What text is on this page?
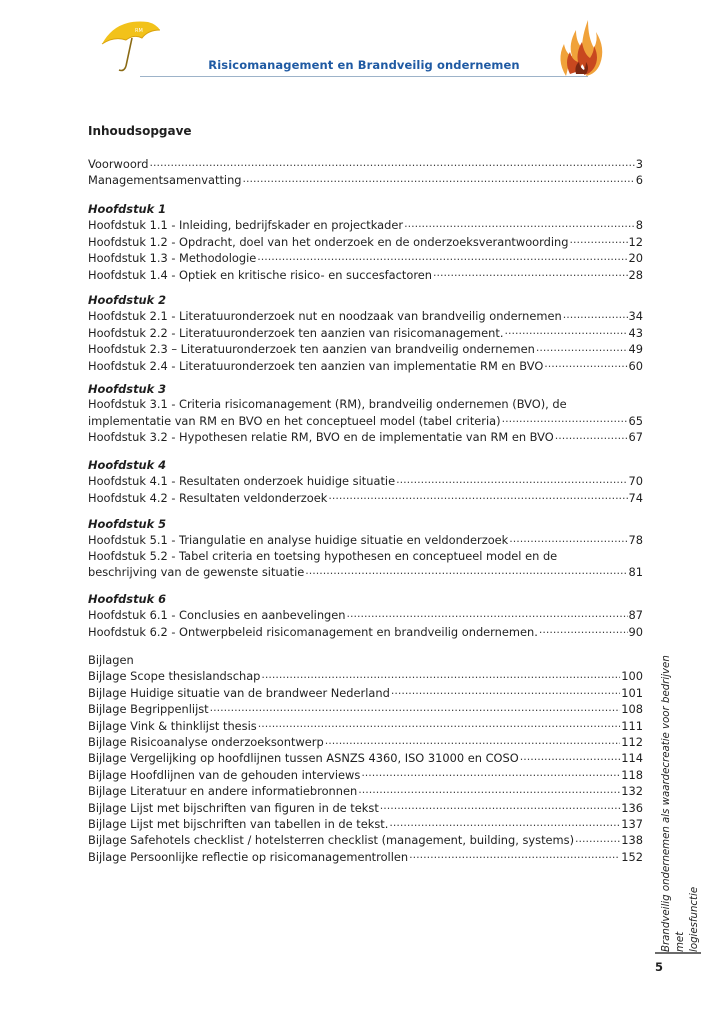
RM
Risicomanagement en Brandveilig ondernemen
Inhoudsopgave
Voorwoord .....	3
Managementsamenvatting .....	6
Hoofdstuk 1
Hoofdstuk 1.1 - Inleiding, bedrijfskader en projectkader .....	8
Hoofdstuk 1.2 - Opdracht, doel van het onderzoek en de onderzoeksverantwoording .....	12
Hoofdstuk 1.3 - Methodologie .....	20
Hoofdstuk 1.4 - Optiek en kritische risico- en succesfactoren .....	28
Hoofdstuk 2
Hoofdstuk 2.1 - Literatuuronderzoek nut en noodzaak van brandveilig ondernemen .....	34
Hoofdstuk 2.2 - Literatuuronderzoek ten aanzien van risicomanagement. .....	43
Hoofdstuk 2.3 – Literatuuronderzoek ten aanzien van brandveilig ondernemen .....	49
Hoofdstuk 2.4 - Literatuuronderzoek ten aanzien van implementatie RM en BVO .....	60
Hoofdstuk 3
Hoofdstuk 3.1 - Criteria risicomanagement (RM), brandveilig ondernemen (BVO), de
implementatie van RM en BVO en het conceptueel model (tabel criteria) .....	65
Hoofdstuk 3.2 - Hypothesen relatie RM, BVO en de implementatie van RM en BVO .....	67
Hoofdstuk 4
Hoofdstuk 4.1 - Resultaten onderzoek huidige situatie .....	70
Hoofdstuk 4.2 - Resultaten veldonderzoek .....	74
Hoofdstuk 5
Hoofdstuk 5.1 - Triangulatie en analyse huidige situatie en veldonderzoek .....	78
Hoofdstuk 5.2 - Tabel criteria en toetsing hypothesen en conceptueel model en de
beschrijving van de gewenste situatie .....	81
Hoofdstuk 6
Hoofdstuk 6.1 - Conclusies en aanbevelingen .....	87
Hoofdstuk 6.2 - Ontwerpbeleid risicomanagement en brandveilig ondernemen. .....	90
Bijlagen
Bijlage Scope thesislandschap .....	100
Bijlage Huidige situatie van de brandweer Nederland .....	101
Bijlage Begrippenlijst .....	108
Bijlage Vink & thinklijst thesis .....	111
Bijlage Risicoanalyse onderzoeksontwerp .....	112
Bijlage Vergelijking op hoofdlijnen tussen ASNZS 4360, ISO 31000 en COSO .....	114
Bijlage Hoofdlijnen van de gehouden interviews .....	118
Bijlage Literatuur en andere informatiebronnen .....	132
Bijlage Lijst met bijschriften van figuren in de tekst .....	136
Bijlage Lijst met bijschriften van tabellen in de tekst. .....	137
Bijlage Safehotels checklist / hotelsterren checklist (management, building, systems) .....	138
Bijlage Persoonlijke reflectie op risicomanagementrollen .....	152 Brandveilig ondernemen als waardecreatie voor bedrijven met logiesfunctie
5
